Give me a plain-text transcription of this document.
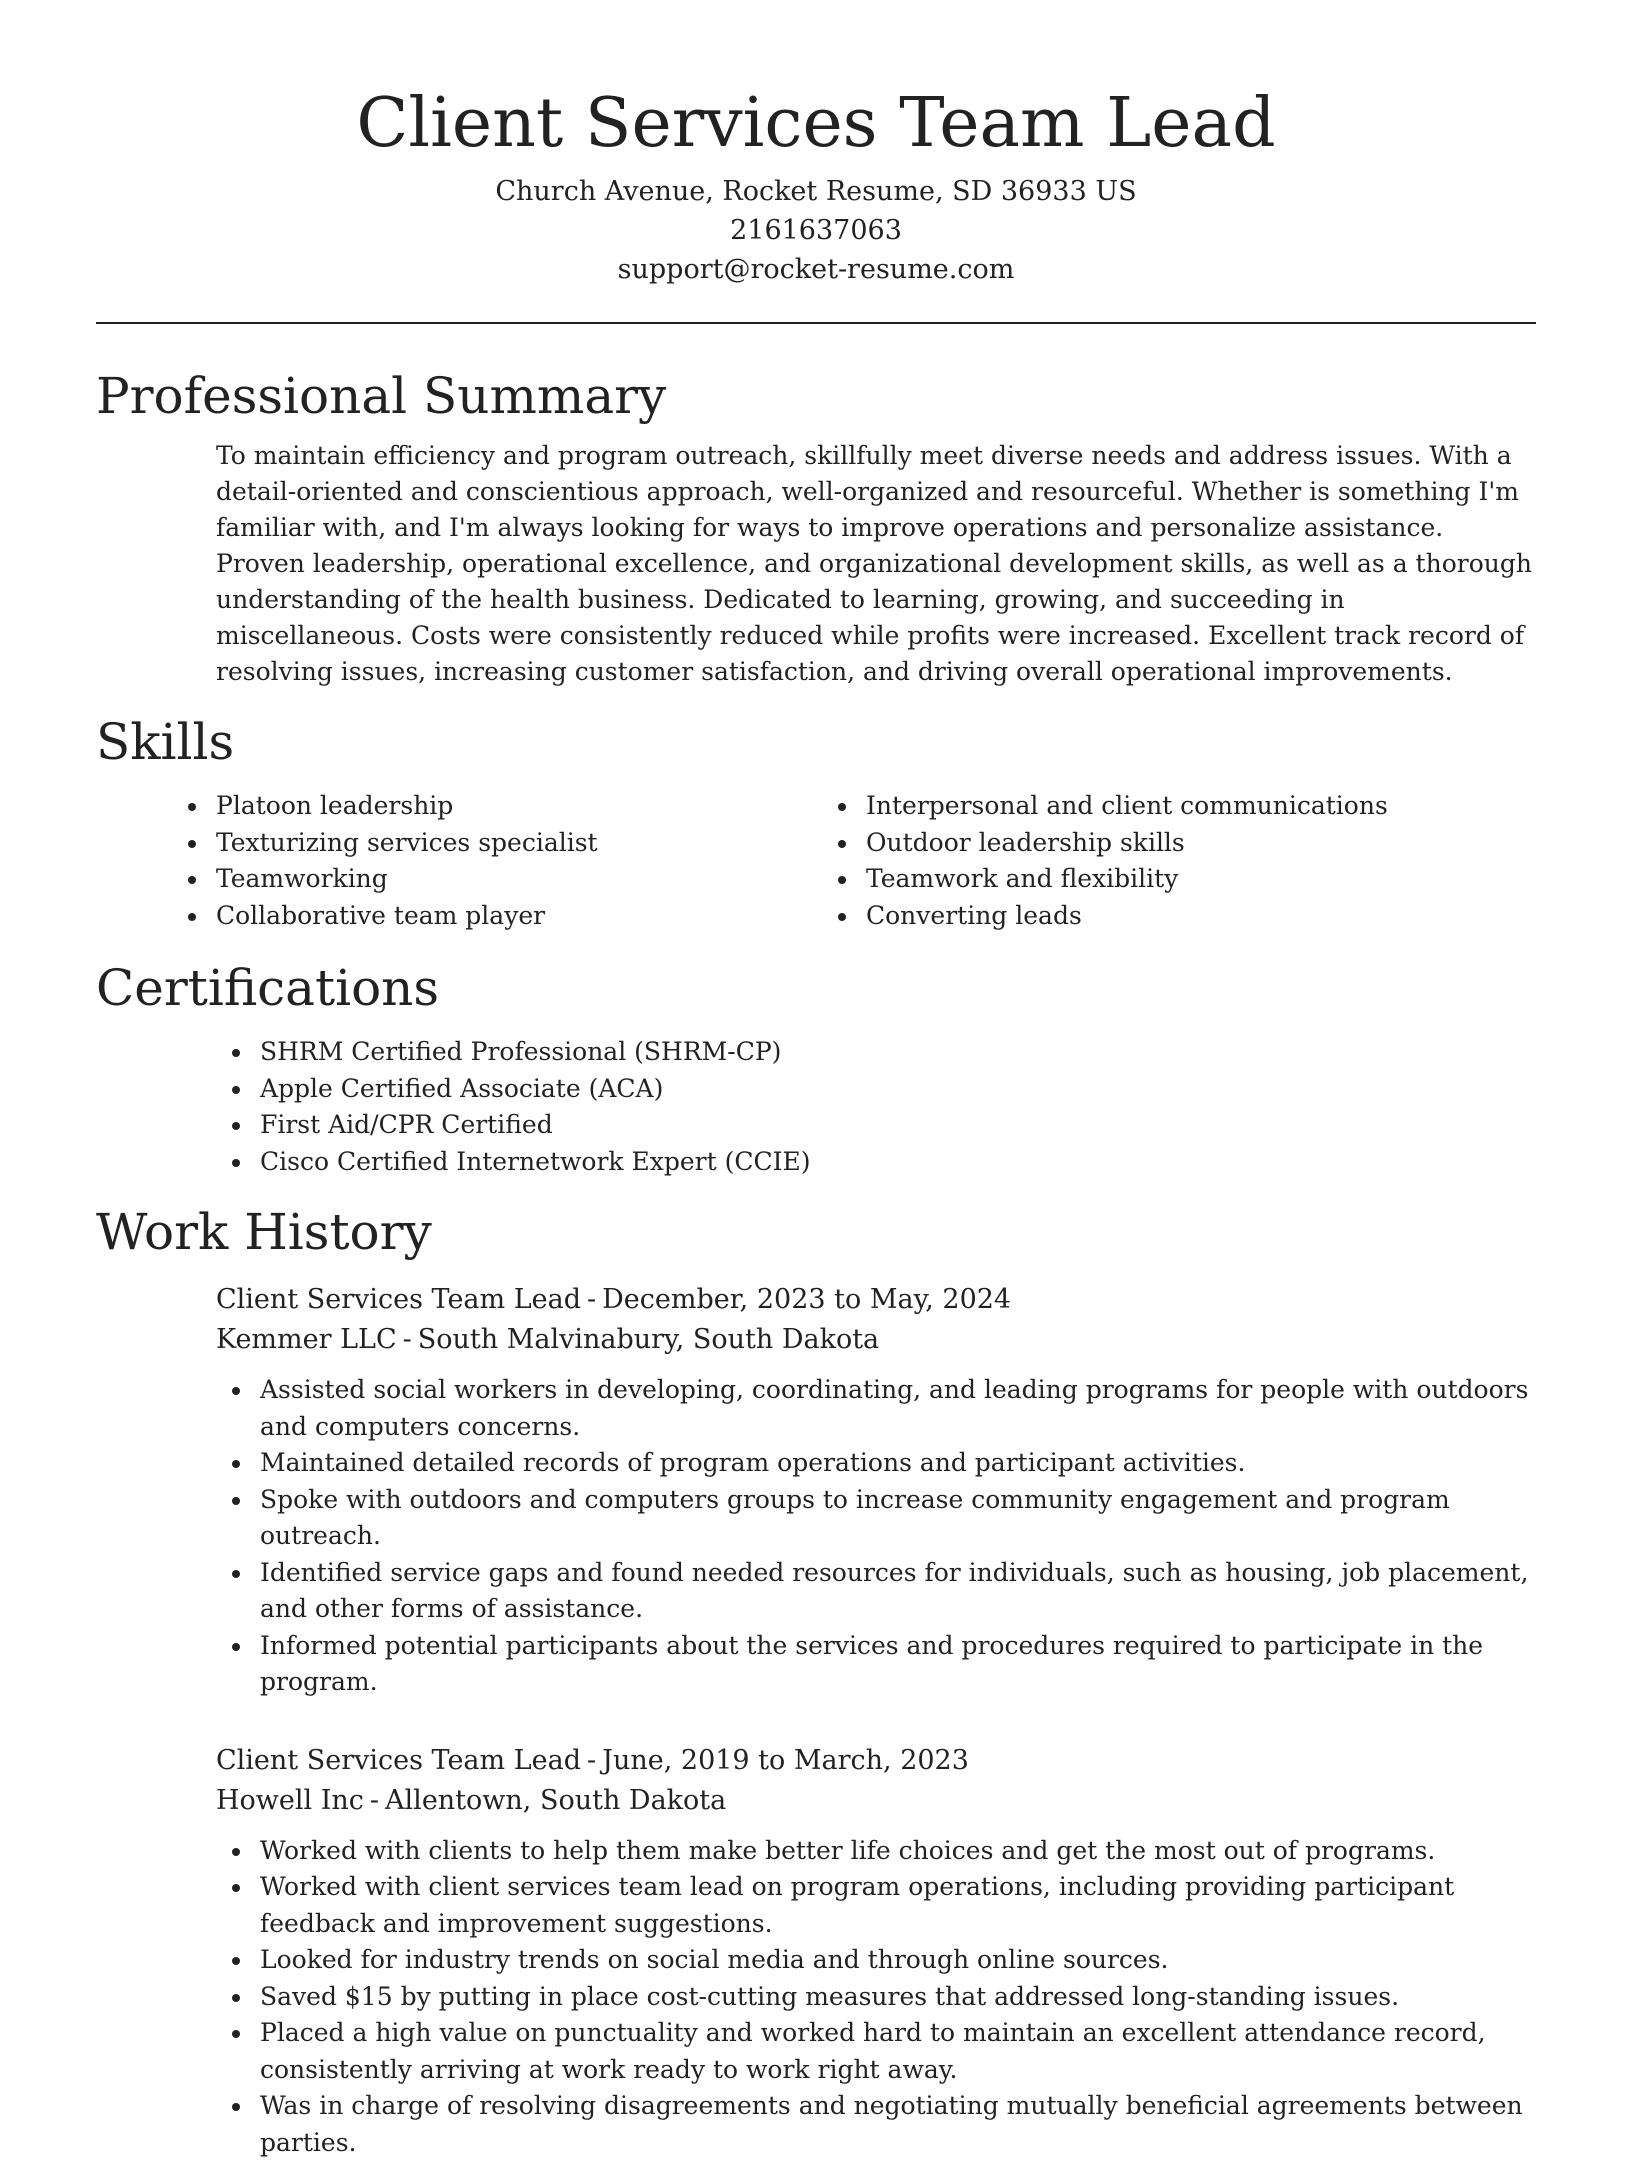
Client Services Team Lead

Church Avenue, Rocket Resume, SD 36933 US

2161637063

support@rocket-resume.com

Professional Summary

To maintain efficiency and program outreach, skillfully meet diverse needs and address issues. With a detail-oriented and conscientious approach, well-organized and resourceful. Whether is something I'm familiar with, and I'm always looking for ways to improve operations and personalize assistance. Proven leadership, operational excellence, and organizational development skills, as well as a thorough understanding of the health business. Dedicated to learning, growing, and succeeding in miscellaneous. Costs were consistently reduced while profits were increased. Excellent track record of resolving issues, increasing customer satisfaction, and driving overall operational improvements.

Skills
Platoon leadership
Texturizing services specialist
Teamworking
Collaborative team player
Interpersonal and client communications
Outdoor leadership skills
Teamwork and flexibility
Converting leads
Certifications
SHRM Certified Professional (SHRM-CP)
Apple Certified Associate (ACA)
First Aid/CPR Certified
Cisco Certified Internetwork Expert (CCIE)
Work History

Client Services Team Lead - December, 2023 to May, 2024

Kemmer LLC - South Malvinabury, South Dakota

Assisted social workers in developing, coordinating, and leading programs for people with outdoors and computers concerns.
Maintained detailed records of program operations and participant activities.
Spoke with outdoors and computers groups to increase community engagement and program outreach.
Identified service gaps and found needed resources for individuals, such as housing, job placement, and other forms of assistance.
Informed potential participants about the services and procedures required to participate in the program.

Client Services Team Lead - June, 2019 to March, 2023

Howell Inc - Allentown, South Dakota

Worked with clients to help them make better life choices and get the most out of programs.
Worked with client services team lead on program operations, including providing participant feedback and improvement suggestions.
Looked for industry trends on social media and through online sources.
Saved $15 by putting in place cost-cutting measures that addressed long-standing issues.
Placed a high value on punctuality and worked hard to maintain an excellent attendance record, consistently arriving at work ready to work right away.
Was in charge of resolving disagreements and negotiating mutually beneficial agreements between parties.
